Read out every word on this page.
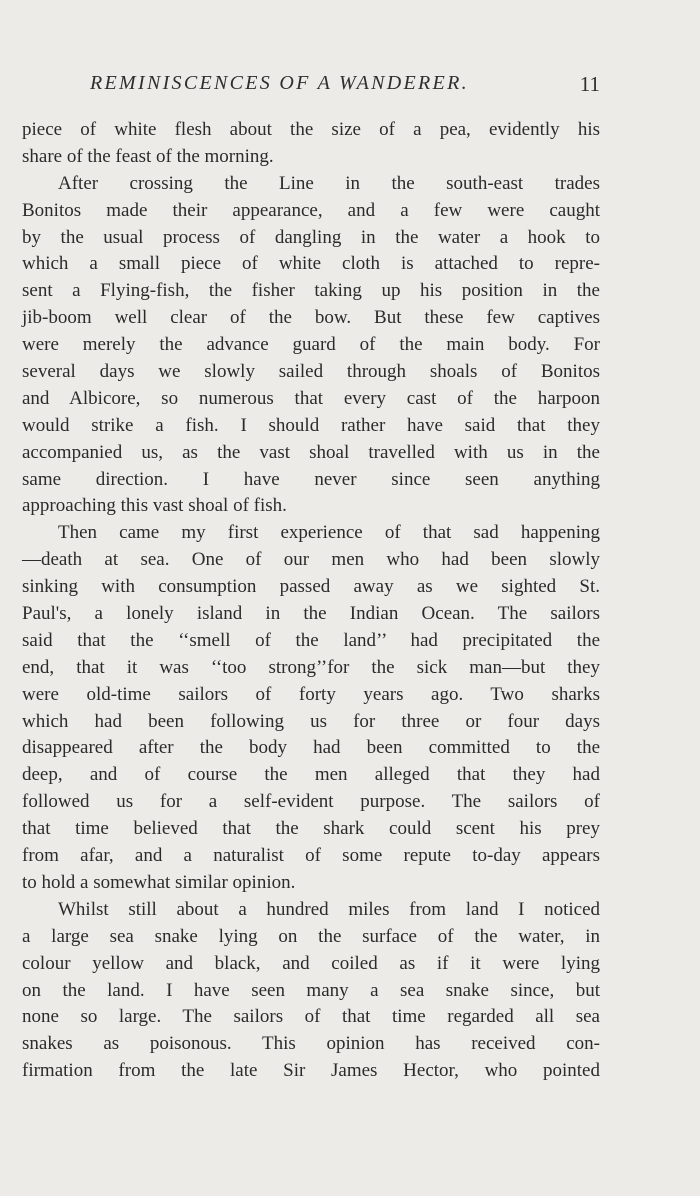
REMINISCENCES OF A WANDERER.	11
piece of white flesh about the size of a pea, evidently his
share of the feast of the morning.
After crossing the Line in the south-east trades
Bonitos made their appearance, and a few were caught
by the usual process of dangling in the water a hook to
which a small piece of white cloth is attached to repre-
sent a Flying-fish, the fisher taking up his position in the
jib-boom well clear of the bow. But these few captives
were merely the advance guard of the main body. For
several days we slowly sailed through shoals of Bonitos
and Albicore, so numerous that every cast of the harpoon
would strike a fish. I should rather have said that they
accompanied us, as the vast shoal travelled with us in the
same direction. I have never since seen anything
approaching this vast shoal of fish.
Then came my first experience of that sad happening
—death at sea. One of our men who had been slowly
sinking with consumption passed away as we sighted St.
Paul's, a lonely island in the Indian Ocean. The sailors
said that the ‘‘smell of the land’’ had precipitated the
end, that it was ‘‘too strong’’for the sick man—but they
were old-time sailors of forty years ago. Two sharks
which had been following us for three or four days
disappeared after the body had been committed to the
deep, and of course the men alleged that they had
followed us for a self-evident purpose. The sailors of
that time believed that the shark could scent his prey
from afar, and a naturalist of some repute to-day appears
to hold a somewhat similar opinion.
Whilst still about a hundred miles from land I noticed
a large sea snake lying on the surface of the water, in
colour yellow and black, and coiled as if it were lying
on the land. I have seen many a sea snake since, but
none so large. The sailors of that time regarded all sea
snakes as poisonous. This opinion has received con-
firmation from the late Sir James Hector, who pointed
